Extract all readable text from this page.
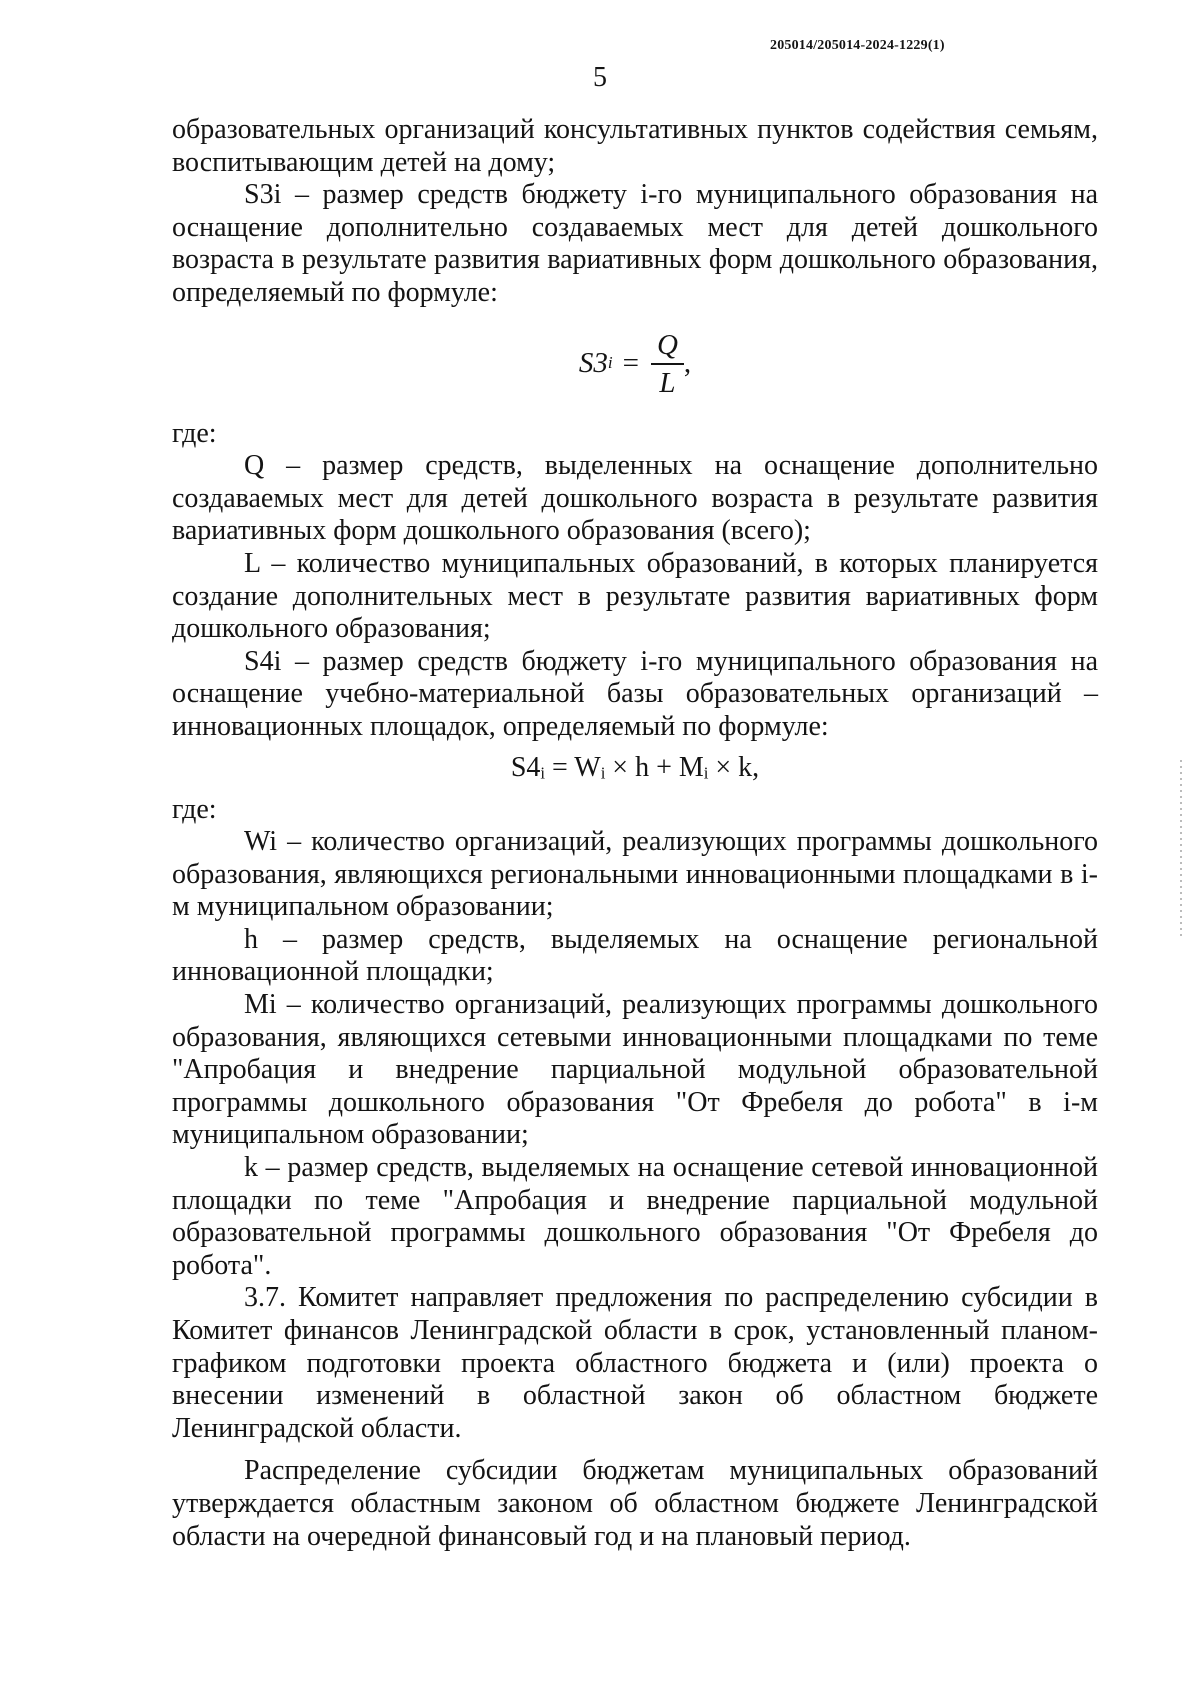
205014/205014-2024-1229(1)
5

образовательных организаций консультативных пунктов содействия семьям, воспитывающим детей на дому;

S3i – размер средств бюджету i-го муниципального образования на оснащение дополнительно создаваемых мест для детей дошкольного возраста в результате развития вариативных форм дошкольного образования, определяемый по формуле:

S3 $i = \frac{Q}{L}$ ,

где:

Q – размер средств, выделенных на оснащение дополнительно создаваемых мест для детей дошкольного возраста в результате развития вариативных форм дошкольного образования (всего);

L – количество муниципальных образований, в которых планируется создание дополнительных мест в результате развития вариативных форм дошкольного образования;

S4i – размер средств бюджету i-го муниципального образования на оснащение учебно-материальной базы образовательных организаций – инновационных площадок, определяемый по формуле:

S4ᵢ = Wᵢ × h + Mᵢ × k,

где:

Wi – количество организаций, реализующих программы дошкольного образования, являющихся региональными инновационными площадками в i-м муниципальном образовании;

h – размер средств, выделяемых на оснащение региональной инновационной площадки;

Mi – количество организаций, реализующих программы дошкольного образования, являющихся сетевыми инновационными площадками по теме "Апробация и внедрение парциальной модульной образовательной программы дошкольного образования "От Фребеля до робота" в i-м муниципальном образовании;

k – размер средств, выделяемых на оснащение сетевой инновационной площадки по теме "Апробация и внедрение парциальной модульной образовательной программы дошкольного образования "От Фребеля до робота".

3.7. Комитет направляет предложения по распределению субсидии в Комитет финансов Ленинградской области в срок, установленный планом-графиком подготовки проекта областного бюджета и (или) проекта о внесении изменений в областной закон об областном бюджете Ленинградской области.

Распределение субсидии бюджетам муниципальных образований утверждается областным законом об областном бюджете Ленинградской области на очередной финансовый год и на плановый период.
